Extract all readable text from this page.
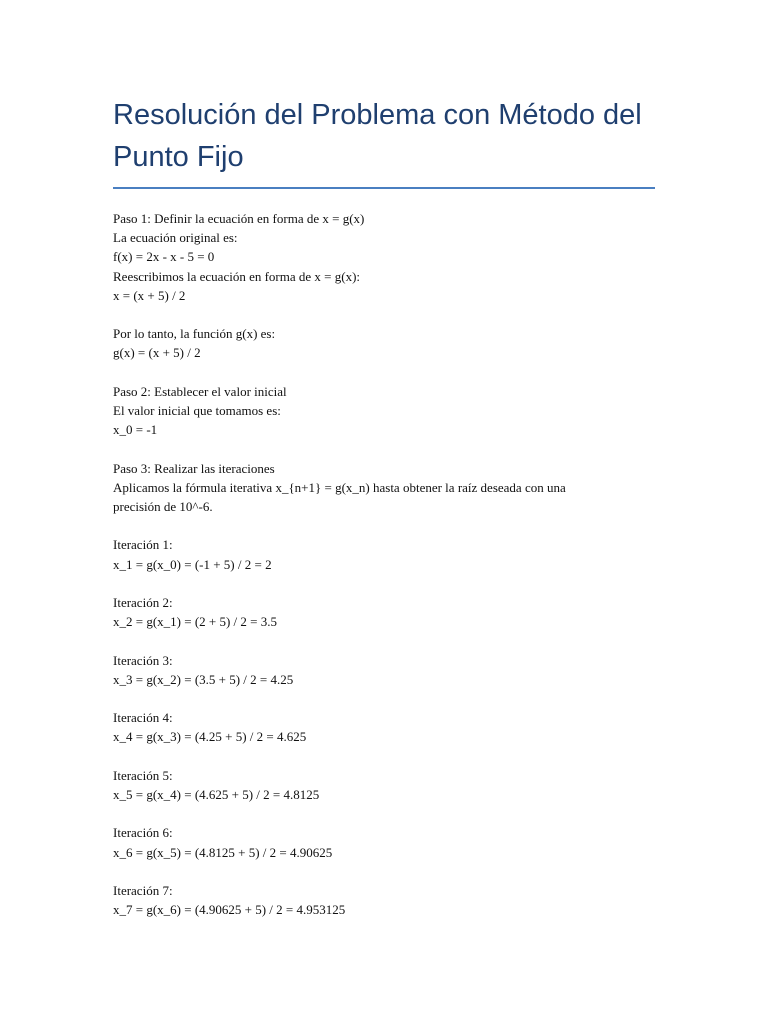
Resolución del Problema con Método del Punto Fijo
Paso 1: Definir la ecuación en forma de x = g(x)
La ecuación original es:
f(x) = 2x - x - 5 = 0
Reescribimos la ecuación en forma de x = g(x):
x = (x + 5) / 2
Por lo tanto, la función g(x) es:
g(x) = (x + 5) / 2
Paso 2: Establecer el valor inicial
El valor inicial que tomamos es:
x_0 = -1
Paso 3: Realizar las iteraciones
Aplicamos la fórmula iterativa x_{n+1} = g(x_n) hasta obtener la raíz deseada con una
precisión de 10^-6.
Iteración 1:
x_1 = g(x_0) = (-1 + 5) / 2 = 2
Iteración 2:
x_2 = g(x_1) = (2 + 5) / 2 = 3.5
Iteración 3:
x_3 = g(x_2) = (3.5 + 5) / 2 = 4.25
Iteración 4:
x_4 = g(x_3) = (4.25 + 5) / 2 = 4.625
Iteración 5:
x_5 = g(x_4) = (4.625 + 5) / 2 = 4.8125
Iteración 6:
x_6 = g(x_5) = (4.8125 + 5) / 2 = 4.90625
Iteración 7:
x_7 = g(x_6) = (4.90625 + 5) / 2 = 4.953125
